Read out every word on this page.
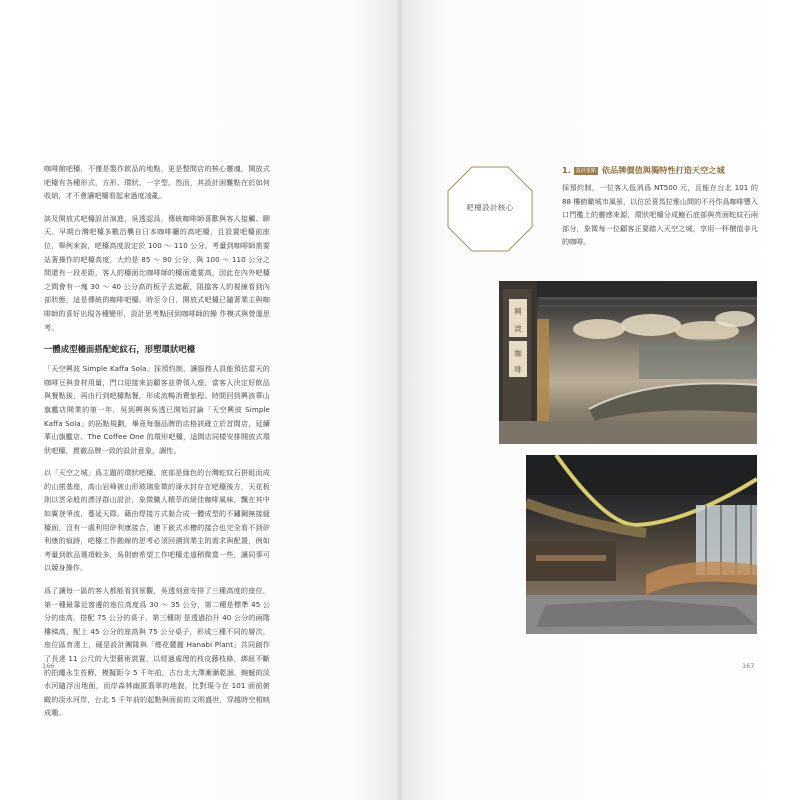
咖啡館吧檯，不僅是製作飲品的地點，更是整間店的核心靈魂，開放式吧檯有各種形式，方形、環狀、一字型。然而，其設計困難點在於如何收納，才不會讓吧檯看起來過度凌亂。

談及開放式吧檯設計演進，吳透認爲，傳統咖啡師喜歡與客人接觸、聊天，早期台灣吧檯多數沿襲自日本咖啡廳的高吧檯，且設置吧檯前座位，舉例來說，吧檯高度設定於 100 〜 110 公分，考量到咖啡師需要站著操作的吧檯高度，大約是 85 〜 90 公分，與 100 〜 110 公分之間還有一段差距，客人的檯面比咖啡師的檯面還要高，因此在內外吧檯之間會有一塊 30 〜 40 公分高的板子去遮蔽，阻擋客人的視線看到內部狀態，這是傳統的咖啡吧檯。時至今日，開放式吧檯已隨著業主與咖啡師的喜好出現各種變形，設計思考點回到咖啡師的操 作模式與營運思考。

一體成型檯面搭配蛇紋石，形塑環狀吧檯

「天空興波 Simple Kaffa Sola」採預約制，讓服務人員能預估當天的咖啡豆與食材用量，門口迎接來訪顧客並帶領入座，當客人決定好飲品與餐點後，再由行到吧檯點餐，形成流暢消費旅程。時間回到興波華山旗艦店開業的第一年，吳到興與吳透已開始討論「天空興波 Simple Kaffa Sola」的拓點規劃，畢竟每個品牌的店格該確立於首間店，延續華山旗艦店、The Coffee One 的環形吧檯，這間店同樣安排開放式環狀吧檯，貫徹品牌一致的設計意象、調性。

以「天空之城」爲主題的環狀吧檯，底部是綠色的台灣蛇紋石拼組而成的山巒基座，高山岩峰被山形玻璃象徵的澡水封存在吧檯後方，天花板則以雲朵般的漂浮群山設計，象徵職人精萃的絕佳咖啡風味，飄在其中如翼登爭流，蔓延天際。藉由焊接方式黏合成一體成型的不鏽鋼無接縫檯面，沒有一處利用矽利康接合，連下嵌式水槽的接合也完全看不到矽利康的痕跡，吧檯工作動線的思考必須回溯到業主的需求與配置，例如考量到飲品選項較多，吳則廚希望工作吧檯走道稍微寬一些，讓同事可以競身操作。

爲了讓每一區的客人都能看到景觀，吳透刻意安排了三種高度的座位，第一種最靠近窗邊的座位高度爲 30 〜 35 公分，第二種是標準 45 公分的座高，搭配 75 公分的桌子，第三種則 是透過抬升 40 公分的兩階樓梯高，配上 45 公分的座高與 75 公分桌子，形成三種不同的層次，座位區育達上，硬是設計團隊與「煙花麓麗 Hanabi Plant」共同創作了長達 11 公尺的大型藝術裝置，以經過處理的枝皮藤枝條，綁紐不斷的拍繩永生苔蘚，模擬距今 5 千年前，古台北大澤漸漸乾涸，蜿蜒的淡水河隨浮出地面，而岸森林幽匿翡翠的地貌，比對現今在 101 面前俯瞰的淡水河岸，台北 5 千年前的起點與面前的文明盛世，穿越時空相映成趣。

吧檯設計核心
1. 設計重點 依品牌價值與獨特性打造天空之城

採預約制，一位客人低消爲 NT500 元，且能在台北 101 的 88 樓俯瞰城市風景，以位於喜馬拉雅山間的不丹作爲咖啡豐入口門檻上的靈感來源，環狀吧檯分成鮑石底部與亮面蛇紋石兩部分，象徵每一位顧客正要踏入天空之城，享用一杯價值非凡的咖啡。

興
波
咖
啡
166	167
